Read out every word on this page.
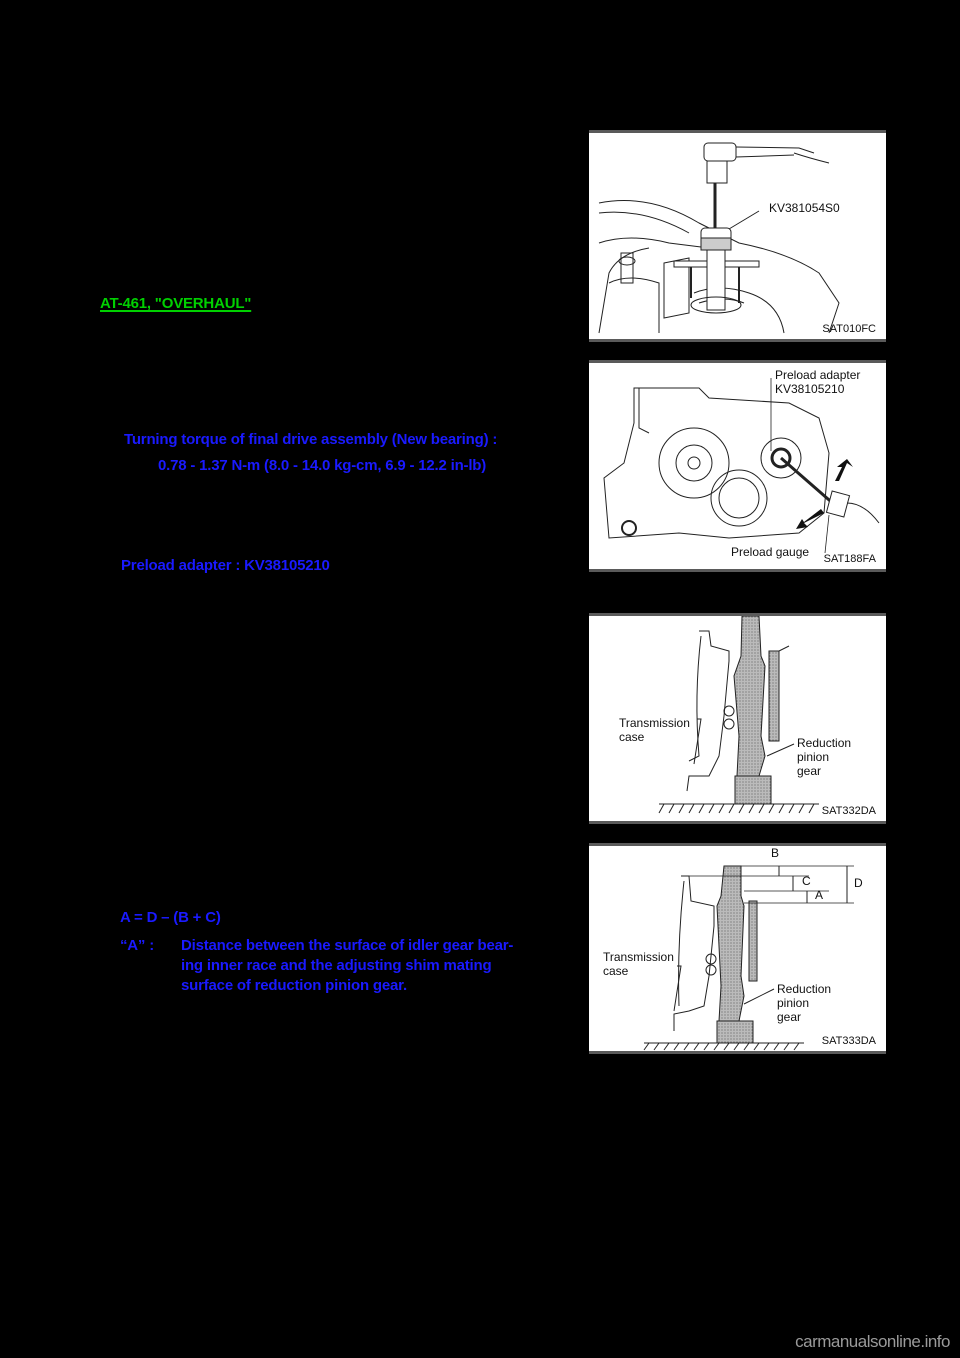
AT-461, "OVERHAUL"
Turning torque of final drive assembly (New bearing) :
0.78 - 1.37 N-m (8.0 - 14.0 kg-cm, 6.9 - 12.2 in-lb)
Preload adapter : KV38105210
A = D – (B + C)
“A” : Distance between the surface of idler gear bear-
ing inner race and the adjusting shim mating
surface of reduction pinion gear.
KV381054S0
SAT010FC
Preload adapter
KV38105210
Preload gauge SAT188FA
Transmission
case	Reduction
pinion
gear
SAT332DA
B
C
A
D
Transmission
case
Reduction
pinion
gear
SAT333DA
carmanualsonline.info
